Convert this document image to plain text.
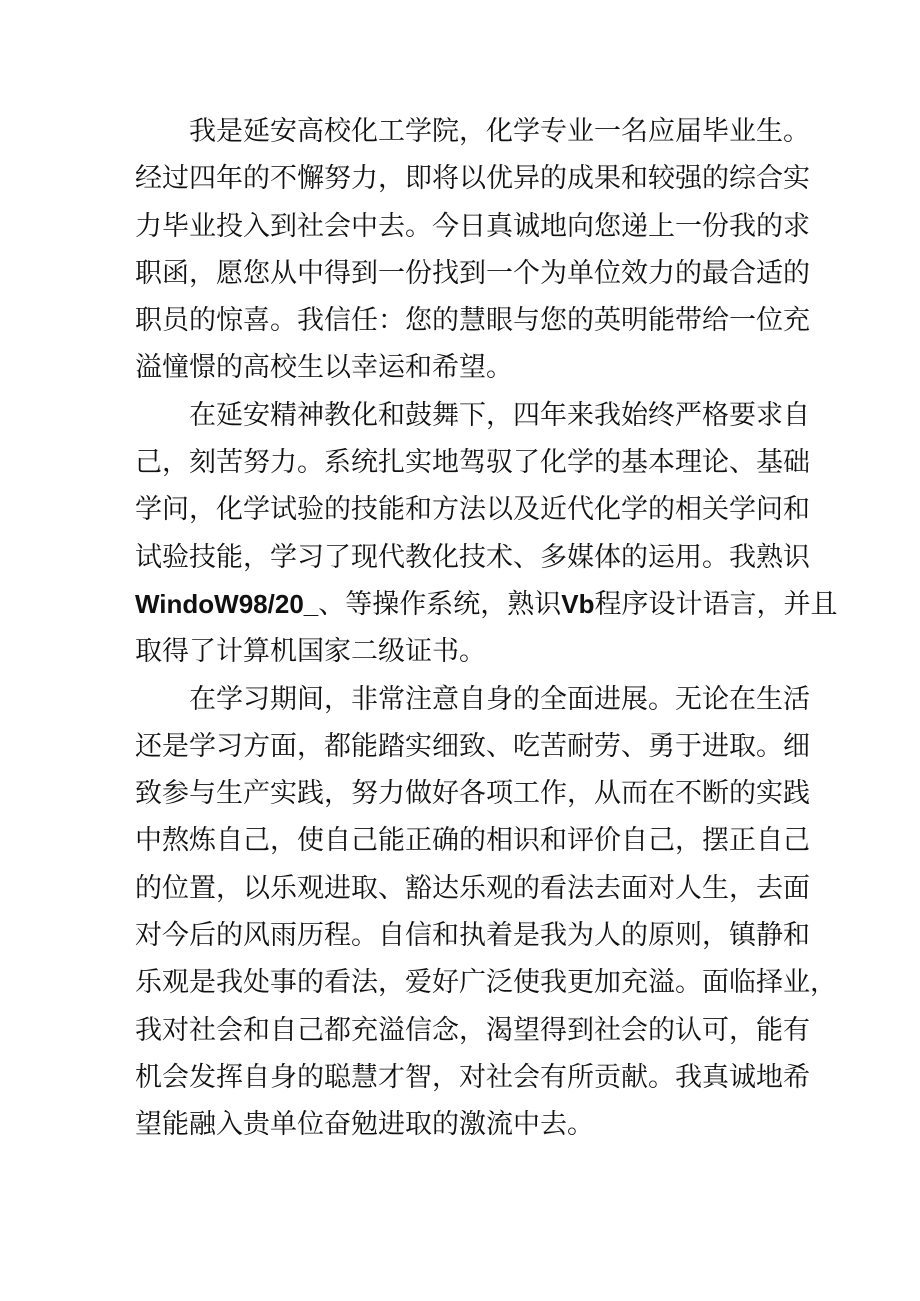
我是延安高校化工学院，化学专业一名应届毕业生。
经过四年的不懈努力，即将以优异的成果和较强的综合实
力毕业投入到社会中去。今日真诚地向您递上一份我的求
职函，愿您从中得到一份找到一个为单位效力的最合适的
职员的惊喜。我信任：您的慧眼与您的英明能带给一位充
溢憧憬的高校生以幸运和希望。

在延安精神教化和鼓舞下，四年来我始终严格要求自
己，刻苦努力。系统扎实地驾驭了化学的基本理论、基础
学问，化学试验的技能和方法以及近代化学的相关学问和
试验技能，学习了现代教化技术、多媒体的运用。我熟识
WindoW98/20_、等操作系统，熟识Vb程序设计语言，并且
取得了计算机国家二级证书。

在学习期间，非常注意自身的全面进展。无论在生活
还是学习方面，都能踏实细致、吃苦耐劳、勇于进取。细
致参与生产实践，努力做好各项工作，从而在不断的实践
中熬炼自己，使自己能正确的相识和评价自己，摆正自己
的位置，以乐观进取、豁达乐观的看法去面对人生，去面
对今后的风雨历程。自信和执着是我为人的原则，镇静和
乐观是我处事的看法，爱好广泛使我更加充溢。面临择业，
我对社会和自己都充溢信念，渴望得到社会的认可，能有
机会发挥自身的聪慧才智，对社会有所贡献。我真诚地希
望能融入贵单位奋勉进取的激流中去。
